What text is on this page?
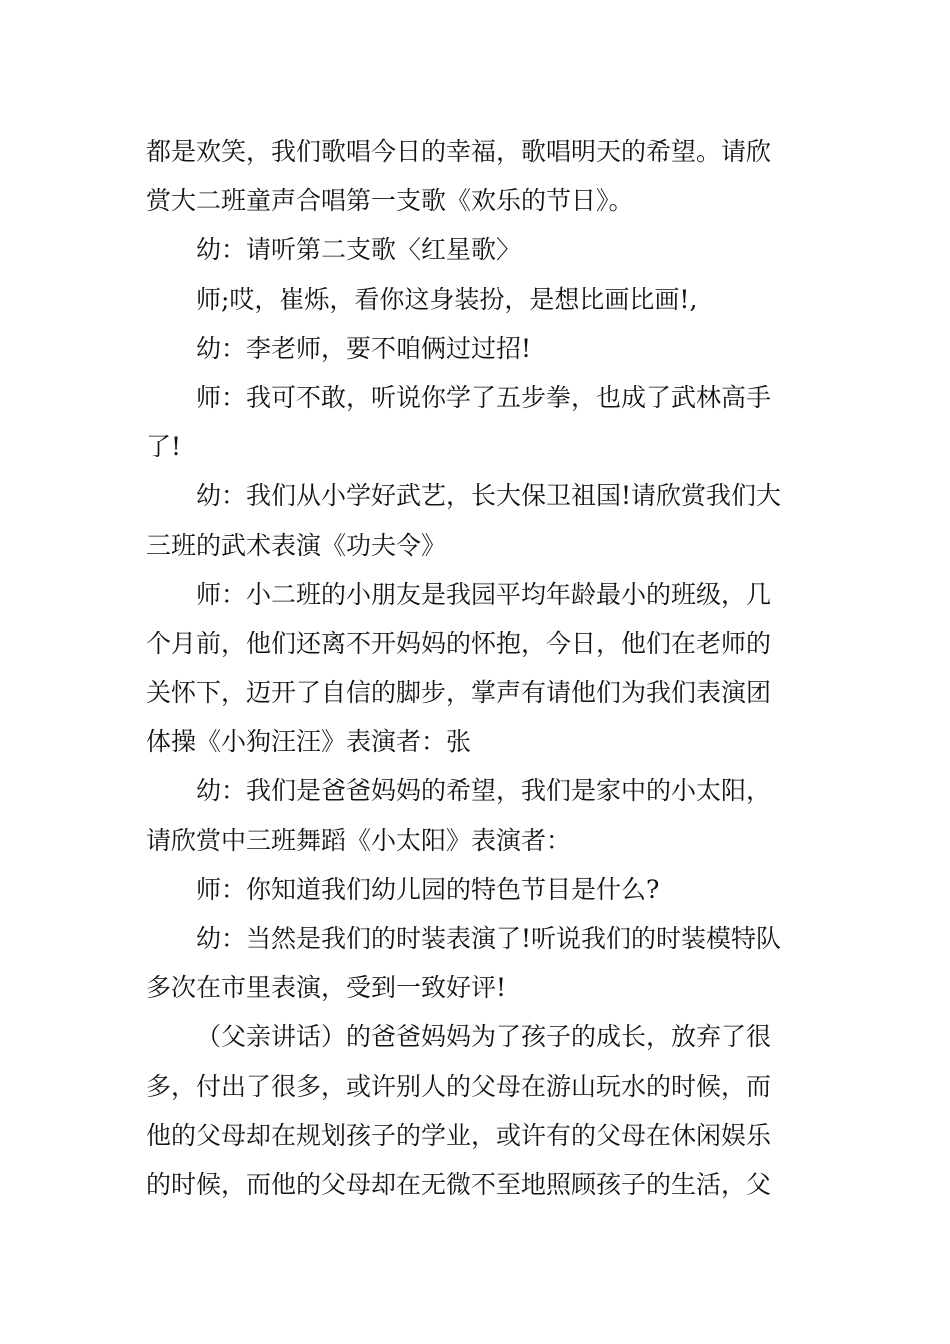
都是欢笑，我们歌唱今日的幸福，歌唱明天的希望。请欣
赏大二班童声合唱第一支歌《欢乐的节日》。
幼：请听第二支歌〈红星歌〉
师;哎，崔烁，看你这身装扮，是想比画比画!,
幼：李老师，要不咱俩过过招!
师：我可不敢，听说你学了五步拳，也成了武林高手
了!
幼：我们从小学好武艺，长大保卫祖国!请欣赏我们大
三班的武术表演《功夫令》
师：小二班的小朋友是我园平均年龄最小的班级，几
个月前，他们还离不开妈妈的怀抱，今日，他们在老师的
关怀下，迈开了自信的脚步，掌声有请他们为我们表演团
体操《小狗汪汪》表演者：张
幼：我们是爸爸妈妈的希望，我们是家中的小太阳，
请欣赏中三班舞蹈《小太阳》表演者：
师：你知道我们幼儿园的特色节目是什么?
幼：当然是我们的时装表演了!听说我们的时装模特队
多次在市里表演，受到一致好评!
（父亲讲话）的爸爸妈妈为了孩子的成长，放弃了很
多，付出了很多，或许别人的父母在游山玩水的时候，而
他的父母却在规划孩子的学业，或许有的父母在休闲娱乐
的时候，而他的父母却在无微不至地照顾孩子的生活，父
